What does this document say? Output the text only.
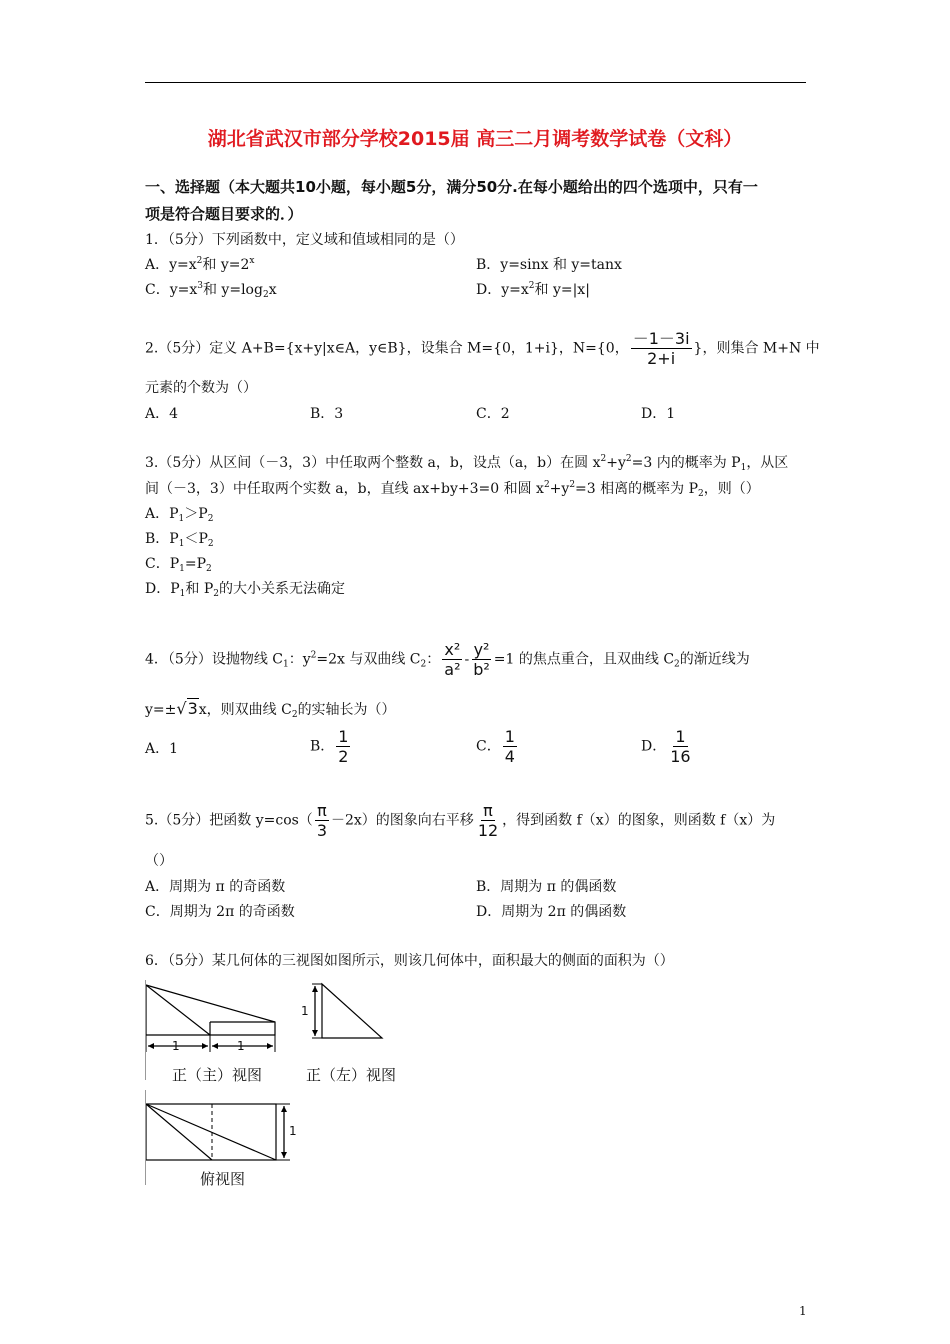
湖北省武汉市部分学校2015届 高三二月调考数学试卷（文科）
一、选择题（本大题共10小题，每小题5分，满分50分.在每小题给出的四个选项中，只有一
项是符合题目要求的．）
1．（5分）下列函数中，定义域和值域相同的是（）
A．$y=x^2$和 $y=2^x$	B．y=sinx 和 y=tanx
C．$y=x^3$和 $y=\log_2x$	D．$y=x^2$和 y=|x|
2.（5分）定义 A+B={x+y|x∈A，y∈B}，设集合 M={0，1+i}，N={0， $\frac{-1-3i}{2+i}$ }，则集合 M+N 中
元素的个数为（）
A．4	B．3	C．2	D．1
3.（5分）从区间（－3，3）中任取两个整数 a，b，设点（a，b）在圆 $x^2+y^2=3$ 内的概率为 $P_1$，从区
间（－3，3）中任取两个实数 a，b，直线 ax+by+3=0 和圆 $x^2+y^2=3$ 相离的概率为 $P_2$，则（）
A．$P_1>P_2$
B．$P_1<P_2$
C．$P_1=P_2$
D．$P_1$和 $P_2$的大小关系无法确定
4．（5分）设抛物线 $C_1$：$y^2=2x$ 与双曲线 $C_2$： $\frac{\text{x²}}{\text{a²}} - \frac{\text{y²}}{\text{b²}} =1$ 的焦点重合，且双曲线 $C_2$的渐近线为
y=±√3x，则双曲线 $C_2$的实轴长为（）
A．1	B． $\frac{1}{2}$	C． $\frac{1}{4}$	D． $\frac{1}{16}$
5.（5分）把函数 $y=\cos( \frac{\pi}{3} -2x)$的图象向右平移 $\frac{\pi}{12}$ ，得到函数 f（x）的图象，则函数 f（x）为
（）
A．周期为 π 的奇函数	B．周期为 π 的偶函数
C．周期为 2π 的奇函数	D．周期为 2π 的偶函数
6．（5分）某几何体的三视图如图所示，则该几何体中，面积最大的侧面的面积为（）
1	1
正（主）视图
1
正（左）视图
1
俯视图
1
